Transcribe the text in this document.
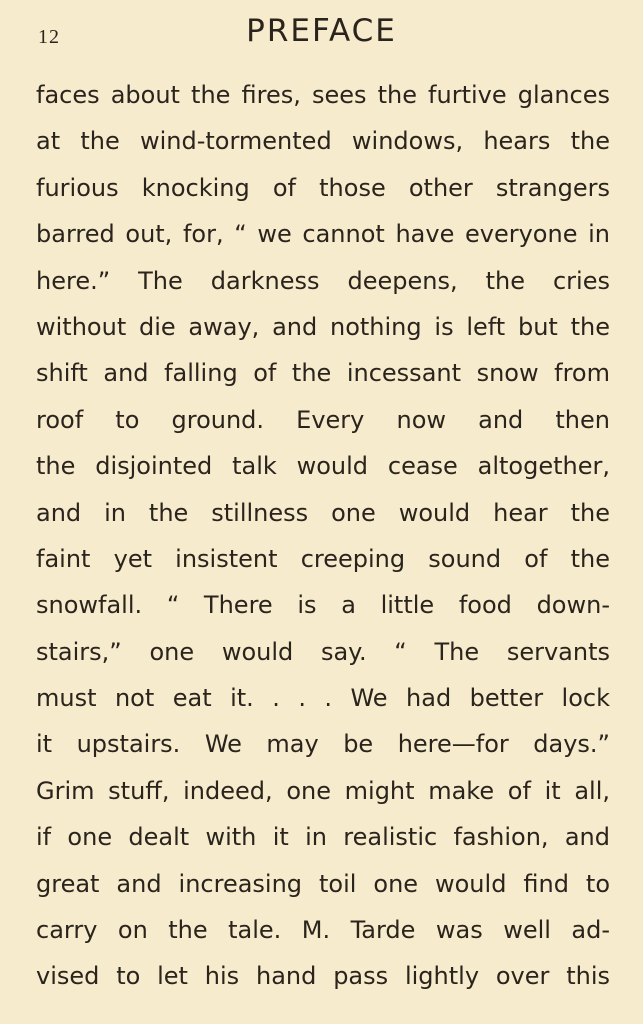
12	PREFACE
faces about the fires, sees the furtive glances
at the wind-tormented windows, hears the
furious knocking of those other strangers
barred out, for, “ we cannot have everyone in
here.” The darkness deepens, the cries
without die away, and nothing is left but the
shift and falling of the incessant snow from
roof to ground. Every now and then
the disjointed talk would cease altogether,
and in the stillness one would hear the
faint yet insistent creeping sound of the
snowfall. “ There is a little food down-
stairs,” one would say. “ The servants
must not eat it. . . . We had better lock
it upstairs. We may be here—for days.”
Grim stuff, indeed, one might make of it all,
if one dealt with it in realistic fashion, and
great and increasing toil one would find to
carry on the tale. M. Tarde was well ad-
vised to let his hand pass lightly over this
